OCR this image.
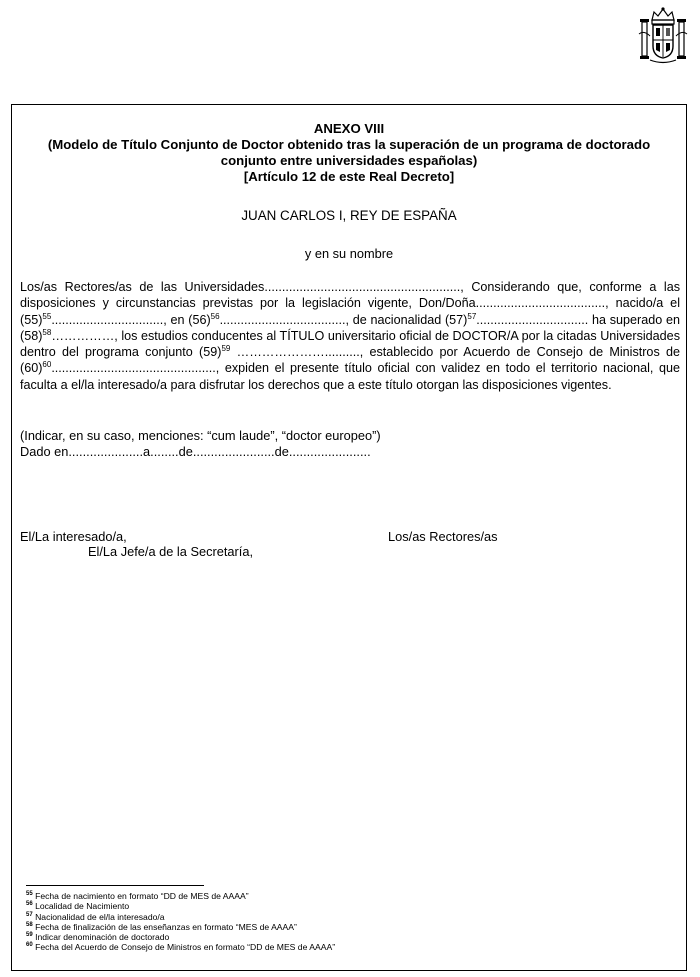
ANEXO VIII
(Modelo de Título Conjunto de Doctor obtenido tras la superación de un programa de doctorado conjunto entre universidades españolas)
[Artículo 12 de este Real Decreto]
JUAN CARLOS I, REY DE ESPAÑA
y en su nombre
Los/as Rectores/as de las Universidades........................................................, Considerando que, conforme a las disposiciones y circunstancias previstas por la legislación vigente, Don/Doña....................................., nacido/a el $(55)^{55}$................................, en $(56)^{56}$...................................., de nacionalidad $(57)^{57}$................................ ha superado en $(58)^{58}\dots\dots\dots\dots\dots$, los estudios conducentes al TÍTULO universitario oficial de DOCTOR/A por la citadas Universidades dentro del programa conjunto $(59)^{59}$ ………………….........., establecido por Acuerdo de Consejo de Ministros de $(60)^{60}$..............................................., expiden el presente título oficial con validez en todo el territorio nacional, que faculta a el/la interesado/a para disfrutar los derechos que a este título otorgan las disposiciones vigentes.
(Indicar, en su caso, menciones: “cum laude”, “doctor europeo”)
Dado en.....................a........de.......................de.......................
El/La interesado/a,	Los/as Rectores/as
El/La Jefe/a de la Secretaría,
$^{55}$ Fecha de nacimiento en formato “DD de MES de AAAA”
$^{56}$ Localidad de Nacimiento
$^{57}$ Nacionalidad de el/la interesado/a
$^{58}$ Fecha de finalización de las enseñanzas en formato “MES de AAAA”
$^{59}$ Indicar denominación de doctorado
$^{60}$ Fecha del Acuerdo de Consejo de Ministros en formato “DD de MES de AAAA”
